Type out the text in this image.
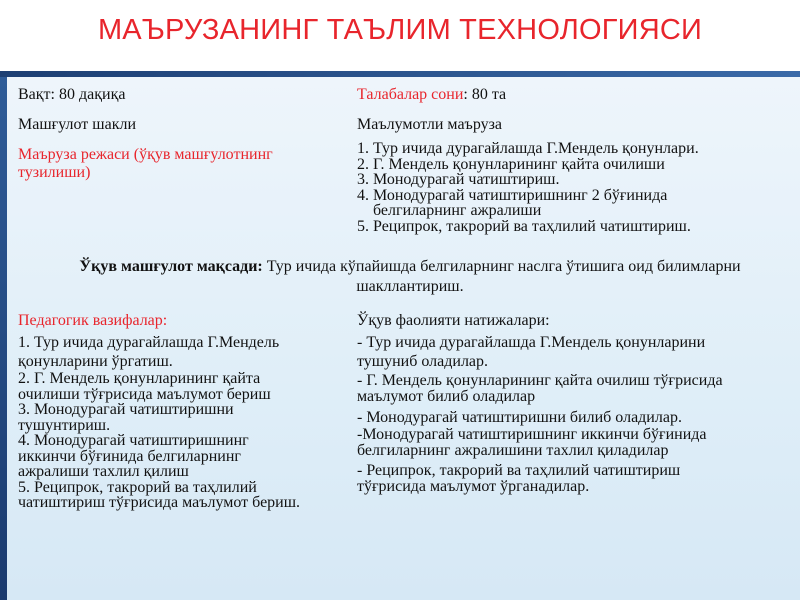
МАЪРУЗАНИНГ ТАЪЛИМ ТЕХНОЛОГИЯСИ
Вақт: 80 дақиқа	Талабалар сони: 80 та
Машғулот шакли	Маълумотли маъруза
Маъруза режаси (ўқув машғулотнинг
тузилиши)
1. Тур ичида дурагайлашда Г.Мендель қонунлари.
2. Г. Мендель қонунларининг қайта очилиши
3. Монодурагай чатиштириш.
4. Монодурагай чатиштиришнинг 2 бўғинида
белгиларнинг ажралиши
5. Реципрок, такрорий ва таҳлилий чатиштириш.
Ўқув машғулот мақсади: Тур ичида кўпайишда белгиларнинг наслга ўтишига оид билимларни
шакллантириш.
Педагогик вазифалар:
1. Тур ичида дурагайлашда Г.Мендель
қонунларини ўргатиш.
2. Г. Мендель қонунларининг қайта
очилиши тўғрисида маълумот бериш
3. Монодурагай чатиштиришни
тушунтириш.
4. Монодурагай чатиштиришнинг
иккинчи бўғинида белгиларнинг
ажралиши тахлил қилиш
5. Реципрок, такрорий ва таҳлилий
чатиштириш тўғрисида маълумот бериш.
Ўқув фаолияти натижалари:
- Тур ичида дурагайлашда Г.Мендель қонунларини
тушуниб оладилар.
- Г. Мендель қонунларининг қайта очилиш тўғрисида
маълумот билиб оладилар
- Монодурагай чатиштиришни билиб оладилар.
-Монодурагай чатиштиришнинг иккинчи бўғинида
белгиларнинг ажралишини тахлил қиладилар
- Реципрок, такрорий ва таҳлилий чатиштириш
тўғрисида маълумот ўрганадилар.
